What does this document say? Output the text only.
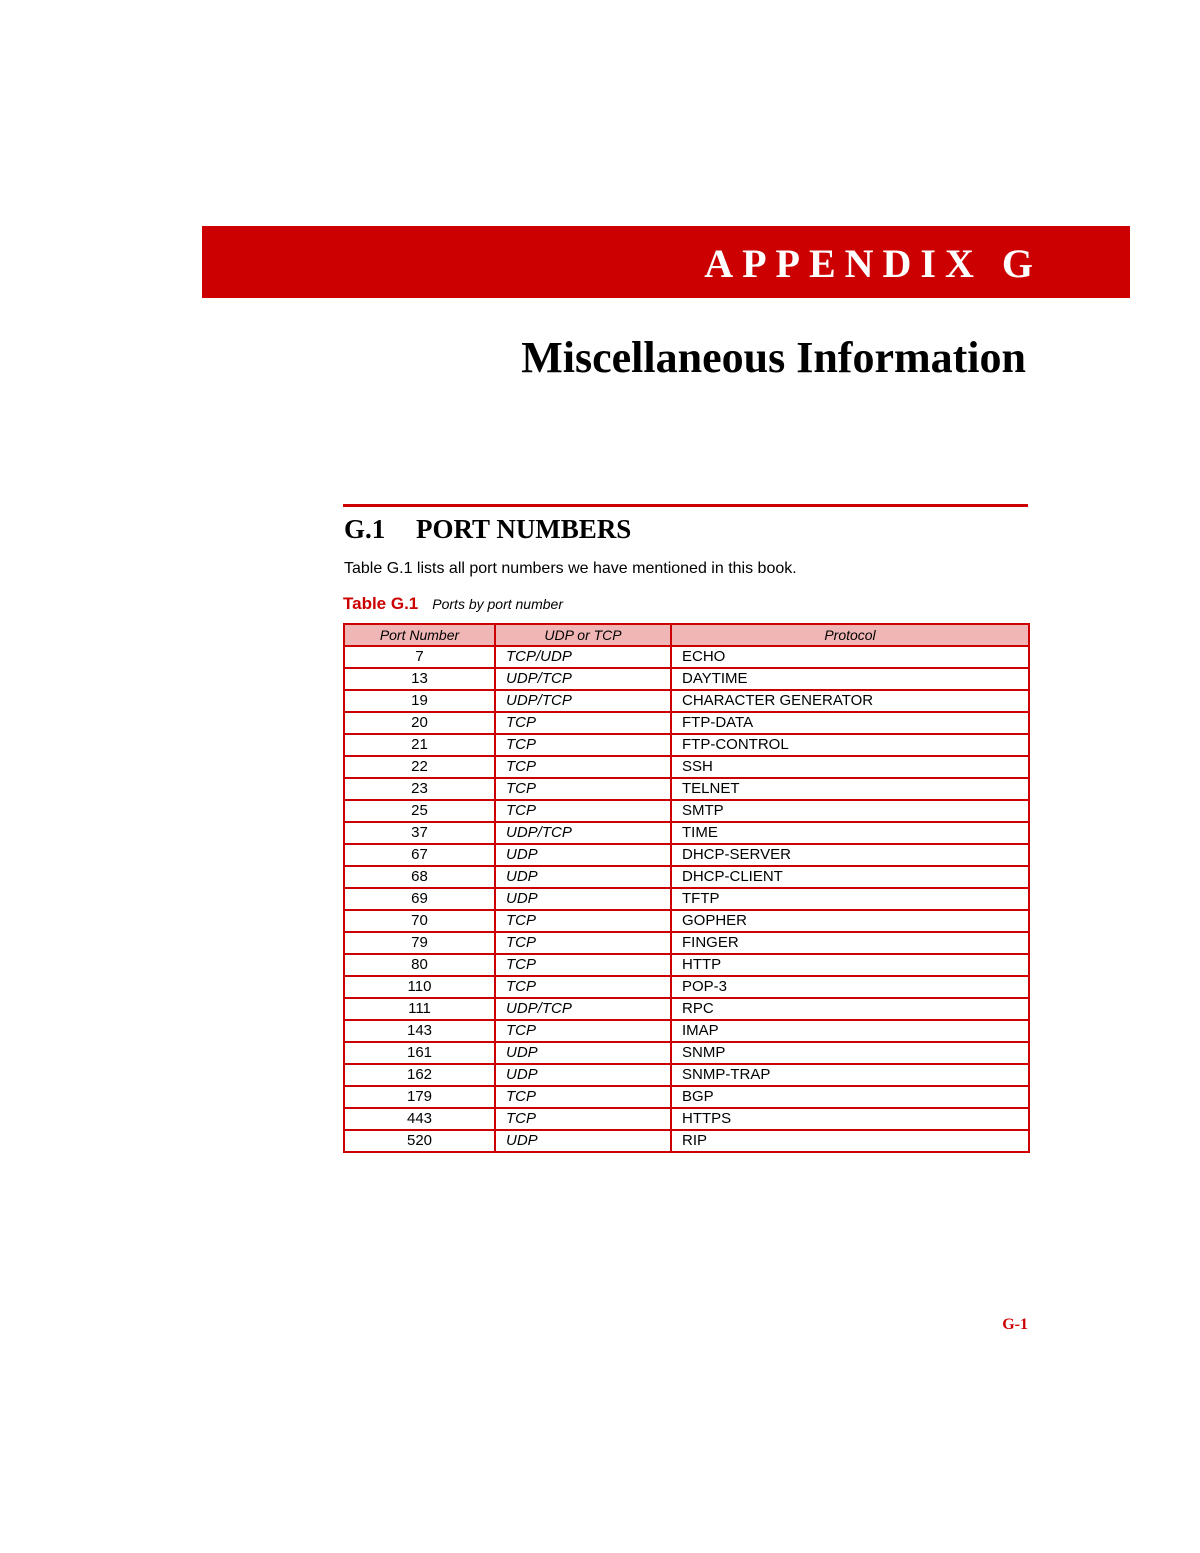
APPENDIX G
Miscellaneous Information
G.1 PORT NUMBERS

Table G.1 lists all port numbers we have mentioned in this book.

Table G.1 Ports by port number
Port Number	UDP or TCP	Protocol
7	TCP/UDP	ECHO
13	UDP/TCP	DAYTIME
19	UDP/TCP	CHARACTER GENERATOR
20	TCP	FTP-DATA
21	TCP	FTP-CONTROL
22	TCP	SSH
23	TCP	TELNET
25	TCP	SMTP
37	UDP/TCP	TIME
67	UDP	DHCP-SERVER
68	UDP	DHCP-CLIENT
69	UDP	TFTP
70	TCP	GOPHER
79	TCP	FINGER
80	TCP	HTTP
110	TCP	POP-3
111	UDP/TCP	RPC
143	TCP	IMAP
161	UDP	SNMP
162	UDP	SNMP-TRAP
179	TCP	BGP
443	TCP	HTTPS
520	UDP	RIP
G-1
